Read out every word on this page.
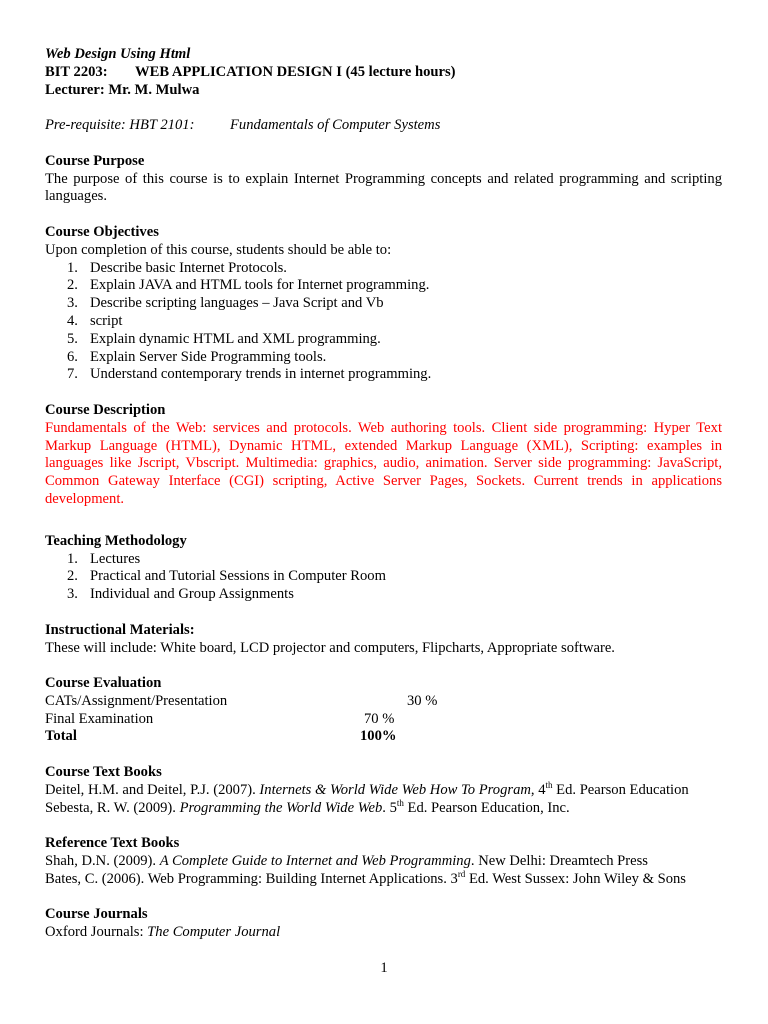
Web Design Using Html
BIT 2203: WEB APPLICATION DESIGN I (45 lecture hours)
Lecturer: Mr. M. Mulwa
Pre-requisite: HBT 2101: Fundamentals of Computer Systems
Course Purpose
The purpose of this course is to explain Internet Programming concepts and related programming and scripting languages.
Course Objectives
Upon completion of this course, students should be able to:
1. Describe basic Internet Protocols.
2. Explain JAVA and HTML tools for Internet programming.
3. Describe scripting languages – Java Script and Vb
4. script
5. Explain dynamic HTML and XML programming.
6. Explain Server Side Programming tools.
7. Understand contemporary trends in internet programming.
Course Description
Fundamentals of the Web: services and protocols. Web authoring tools. Client side programming: Hyper Text Markup Language (HTML), Dynamic HTML, extended Markup Language (XML), Scripting: examples in languages like Jscript, Vbscript. Multimedia: graphics, audio, animation. Server side programming: JavaScript, Common Gateway Interface (CGI) scripting, Active Server Pages, Sockets. Current trends in applications development.
Teaching Methodology
1. Lectures
2. Practical and Tutorial Sessions in Computer Room
3. Individual and Group Assignments
Instructional Materials:
These will include: White board, LCD projector and computers, Flipcharts, Appropriate software.
Course Evaluation
CATs/Assignment/Presentation	30 %
Final Examination	70 %
Total	100%
Course Text Books
Deitel, H.M. and Deitel, P.J. (2007). Internets & World Wide Web How To Program, 4th Ed. Pearson Education
Sebesta, R. W. (2009). Programming the World Wide Web. 5th Ed. Pearson Education, Inc.
Reference Text Books
Shah, D.N. (2009). A Complete Guide to Internet and Web Programming. New Delhi: Dreamtech Press
Bates, C. (2006). Web Programming: Building Internet Applications. 3rd Ed. West Sussex: John Wiley & Sons
Course Journals
Oxford Journals: The Computer Journal
1
